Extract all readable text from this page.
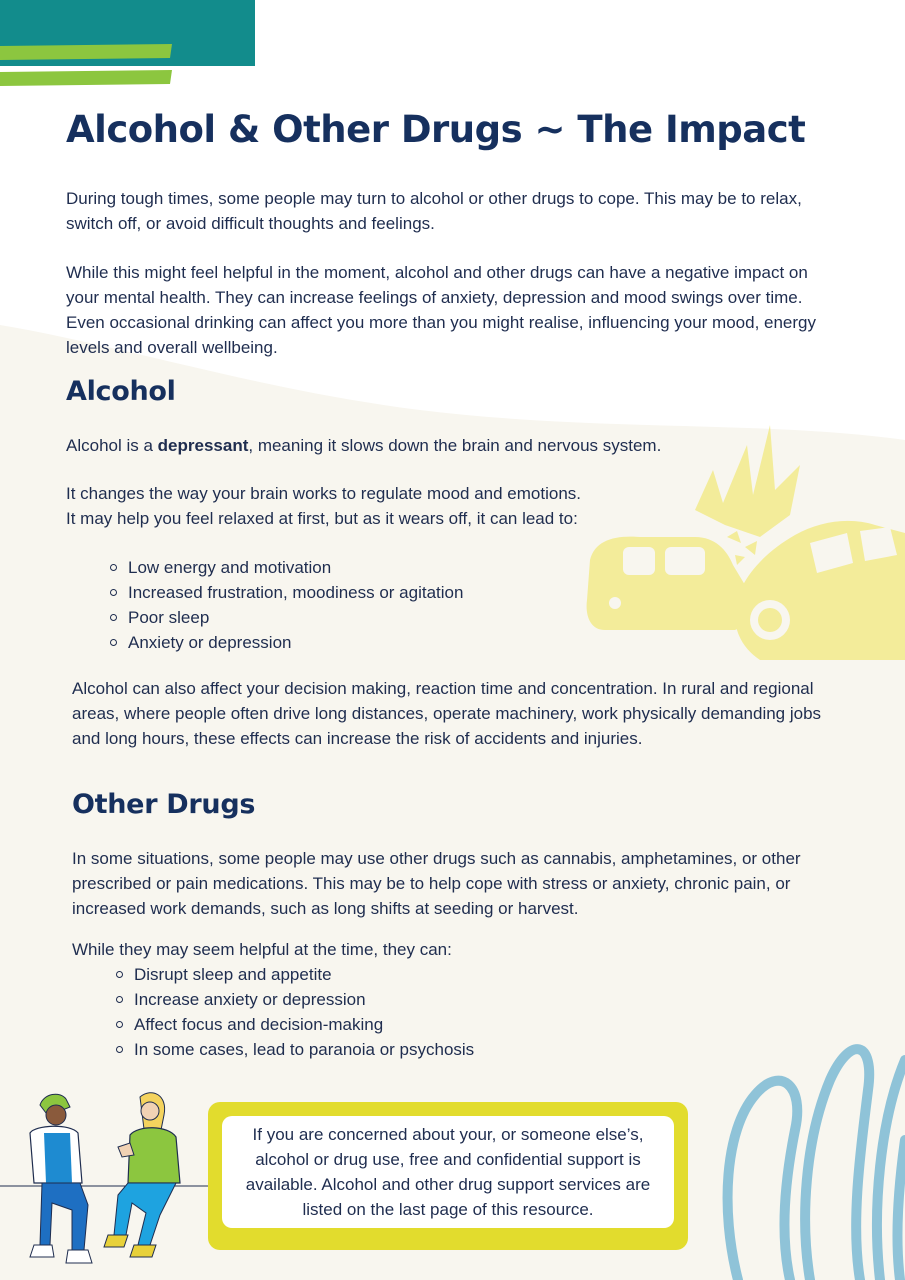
Alcohol & Other Drugs ~ The Impact

During tough times, some people may turn to alcohol or other drugs to cope. This may be to relax, switch off, or avoid difficult thoughts and feelings.

While this might feel helpful in the moment, alcohol and other drugs can have a negative impact on your mental health. They can increase feelings of anxiety, depression and mood swings over time. Even occasional drinking can affect you more than you might realise, influencing your mood, energy levels and overall wellbeing.

Alcohol

Alcohol is a depressant, meaning it slows down the brain and nervous system.

It changes the way your brain works to regulate mood and emotions. It may help you feel relaxed at first, but as it wears off, it can lead to:

Low energy and motivation
Increased frustration, moodiness or agitation
Poor sleep
Anxiety or depression

Alcohol can also affect your decision making, reaction time and concentration. In rural and regional areas, where people often drive long distances, operate machinery, work physically demanding jobs and long hours, these effects can increase the risk of accidents and injuries.

Other Drugs

In some situations, some people may use other drugs such as cannabis, amphetamines, or other prescribed or pain medications. This may be to help cope with stress or anxiety, chronic pain, or increased work demands, such as long shifts at seeding or harvest.

While they may seem helpful at the time, they can:

Disrupt sleep and appetite
Increase anxiety or depression
Affect focus and decision-making
In some cases, lead to paranoia or psychosis
If you are concerned about your, or someone else’s, alcohol or drug use, free and confidential support is available. Alcohol and other drug support services are listed on the last page of this resource.
